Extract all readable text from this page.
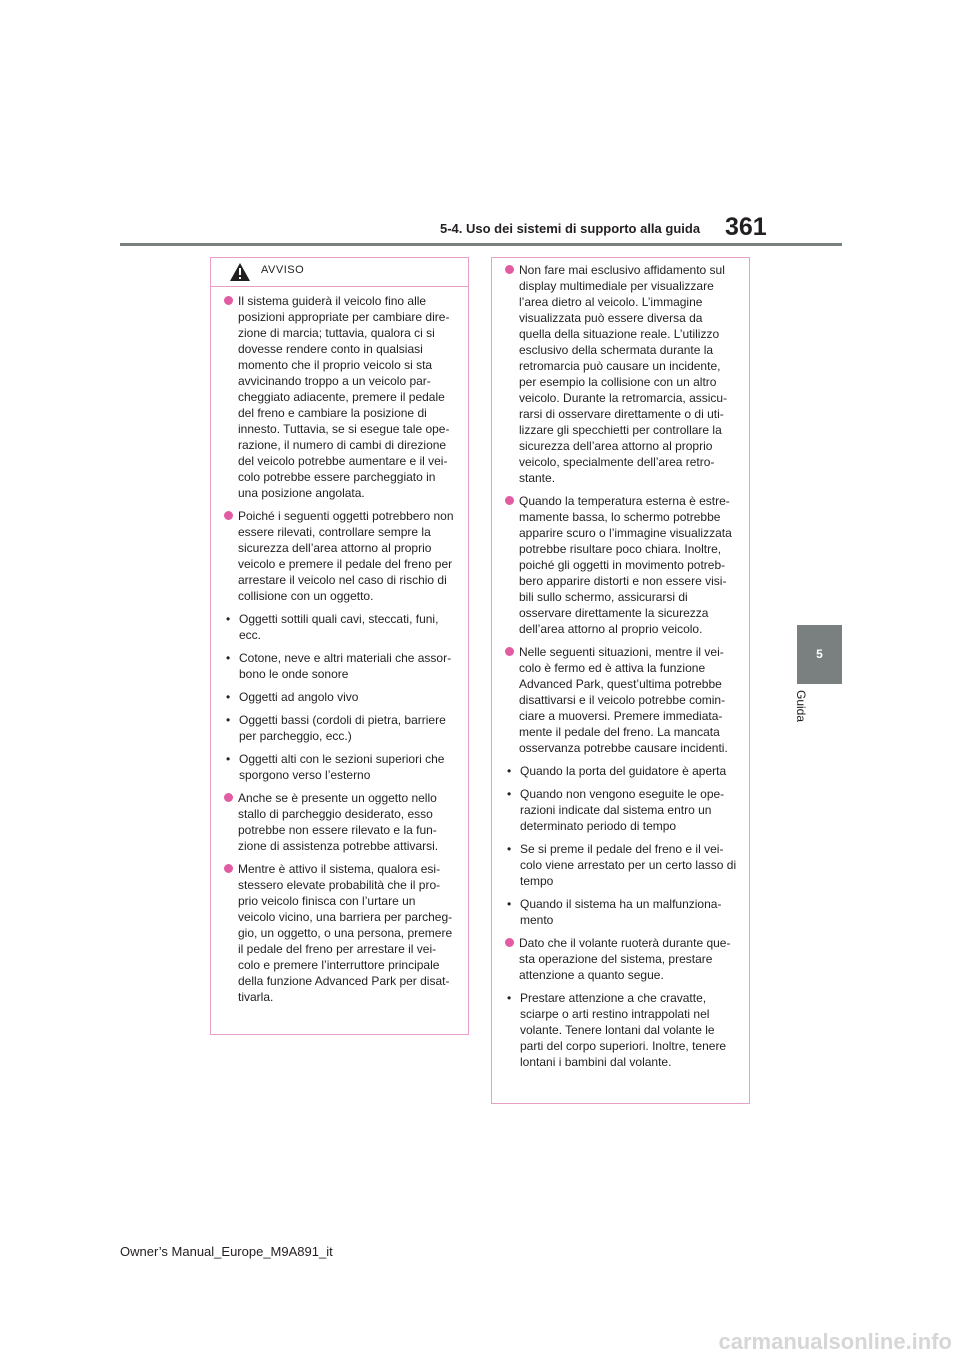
5-4. Uso dei sistemi di supporto alla guida 361
5
Guida
AVVISO
Il sistema guiderà il veicolo fino alle posizioni appropriate per cambiare dire-zione di marcia; tuttavia, qualora ci si dovesse rendere conto in qualsiasi momento che il proprio veicolo si sta avvicinando troppo a un veicolo par-cheggiato adiacente, premere il pedale del freno e cambiare la posizione di innesto. Tuttavia, se si esegue tale ope-razione, il numero di cambi di direzione del veicolo potrebbe aumentare e il vei-colo potrebbe essere parcheggiato in una posizione angolata.
Poiché i seguenti oggetti potrebbero non essere rilevati, controllare sempre la sicurezza dell’area attorno al proprio veicolo e premere il pedale del freno per arrestare il veicolo nel caso di rischio di collisione con un oggetto.
• Oggetti sottili quali cavi, steccati, funi, ecc.
• Cotone, neve e altri materiali che assor-bono le onde sonore
• Oggetti ad angolo vivo
• Oggetti bassi (cordoli di pietra, barriere per parcheggio, ecc.)
• Oggetti alti con le sezioni superiori che sporgono verso l’esterno
Anche se è presente un oggetto nello stallo di parcheggio desiderato, esso potrebbe non essere rilevato e la fun-zione di assistenza potrebbe attivarsi.
Mentre è attivo il sistema, qualora esi-stessero elevate probabilità che il pro-prio veicolo finisca con l’urtare un veicolo vicino, una barriera per parcheg-gio, un oggetto, o una persona, premere il pedale del freno per arrestare il vei-colo e premere l’interruttore principale della funzione Advanced Park per disat-tivarla.
Non fare mai esclusivo affidamento sul display multimediale per visualizzare l’area dietro al veicolo. L’immagine visualizzata può essere diversa da quella della situazione reale. L’utilizzo esclusivo della schermata durante la retromarcia può causare un incidente, per esempio la collisione con un altro veicolo. Durante la retromarcia, assicu-rarsi di osservare direttamente o di uti-lizzare gli specchietti per controllare la sicurezza dell’area attorno al proprio veicolo, specialmente dell’area retro-stante.
Quando la temperatura esterna è estre-mamente bassa, lo schermo potrebbe apparire scuro o l’immagine visualizzata potrebbe risultare poco chiara. Inoltre, poiché gli oggetti in movimento potreb-bero apparire distorti e non essere visi-bili sullo schermo, assicurarsi di osservare direttamente la sicurezza dell’area attorno al proprio veicolo.
Nelle seguenti situazioni, mentre il vei-colo è fermo ed è attiva la funzione Advanced Park, quest’ultima potrebbe disattivarsi e il veicolo potrebbe comin-ciare a muoversi. Premere immediata-mente il pedale del freno. La mancata osservanza potrebbe causare incidenti.
• Quando la porta del guidatore è aperta
• Quando non vengono eseguite le ope-razioni indicate dal sistema entro un determinato periodo di tempo
• Se si preme il pedale del freno e il vei-colo viene arrestato per un certo lasso di tempo
• Quando il sistema ha un malfunziona-mento
Dato che il volante ruoterà durante que-sta operazione del sistema, prestare attenzione a quanto segue.
• Prestare attenzione a che cravatte, sciarpe o arti restino intrappolati nel volante. Tenere lontani dal volante le parti del corpo superiori. Inoltre, tenere lontani i bambini dal volante.
Owner’s Manual_Europe_M9A891_it
carmanualsonline.info
